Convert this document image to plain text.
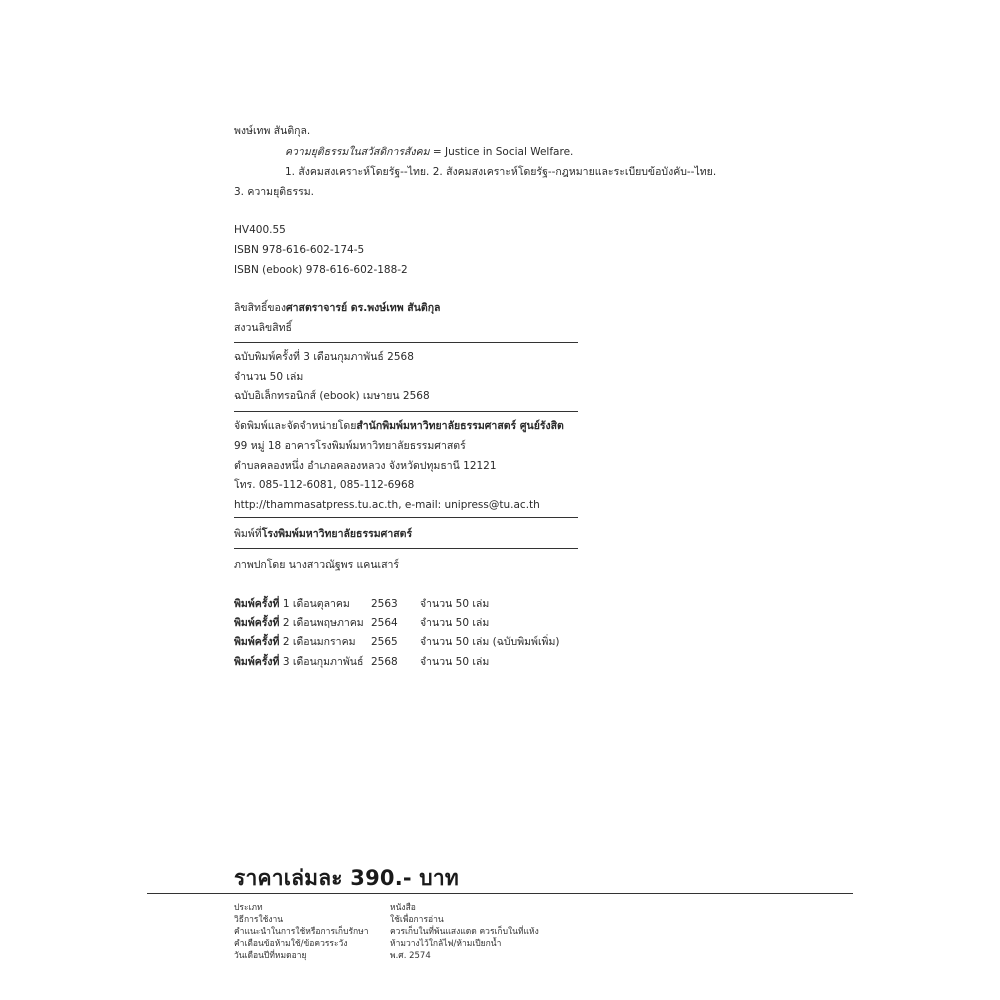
พงษ์เทพ สันติกุล.
ความยุติธรรมในสวัสดิการสังคม = Justice in Social Welfare.
1. สังคมสงเคราะห์โดยรัฐ--ไทย. 2. สังคมสงเคราะห์โดยรัฐ--กฎหมายและระเบียบข้อบังคับ--ไทย.
3. ความยุติธรรม.
HV400.55
ISBN 978-616-602-174-5
ISBN (ebook) 978-616-602-188-2
ลิขสิทธิ์ของศาสตราจารย์ ดร.พงษ์เทพ สันติกุล
สงวนลิขสิทธิ์
ฉบับพิมพ์ครั้งที่ 3 เดือนกุมภาพันธ์ 2568
จำนวน 50 เล่ม
ฉบับอิเล็กทรอนิกส์ (ebook) เมษายน 2568
จัดพิมพ์และจัดจำหน่ายโดยสำนักพิมพ์มหาวิทยาลัยธรรมศาสตร์ ศูนย์รังสิต
99 หมู่ 18 อาคารโรงพิมพ์มหาวิทยาลัยธรรมศาสตร์
ตำบลคลองหนึ่ง อำเภอคลองหลวง จังหวัดปทุมธานี 12121
โทร. 085-112-6081, 085-112-6968
http://thammasatpress.tu.ac.th, e-mail: unipress@tu.ac.th
พิมพ์ที่โรงพิมพ์มหาวิทยาลัยธรรมศาสตร์
ภาพปกโดย นางสาวณัฐพร แคนเสาร์
พิมพ์ครั้งที่ 1 เดือนตุลาคม 2563 จำนวน 50 เล่ม
พิมพ์ครั้งที่ 2 เดือนพฤษภาคม 2564 จำนวน 50 เล่ม
พิมพ์ครั้งที่ 2 เดือนมกราคม 2565 จำนวน 50 เล่ม (ฉบับพิมพ์เพิ่ม)
พิมพ์ครั้งที่ 3 เดือนกุมภาพันธ์ 2568 จำนวน 50 เล่ม
ราคาเล่มละ 390.- บาท
ประเภท
วิธีการใช้งาน
คำแนะนำในการใช้หรือการเก็บรักษา
คำเตือนข้อห้ามใช้/ข้อควรระวัง
วันเดือนปีที่หมดอายุ
หนังสือ
ใช้เพื่อการอ่าน
ควรเก็บในที่พ้นแสงแดด ควรเก็บในที่แห้ง
ห้ามวางไว้ใกล้ไฟ/ห้ามเปียกน้ำ
พ.ศ. 2574
